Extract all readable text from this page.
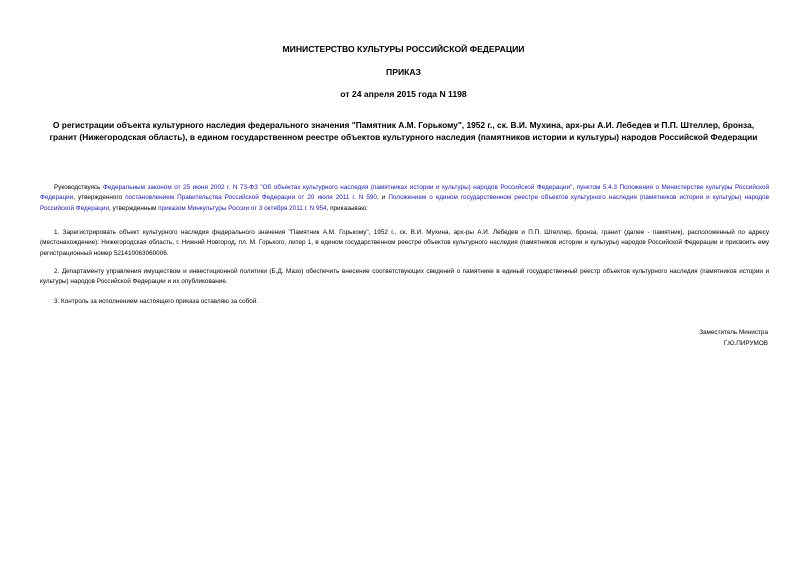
МИНИСТЕРСТВО КУЛЬТУРЫ РОССИЙСКОЙ ФЕДЕРАЦИИ
ПРИКАЗ
от 24 апреля 2015 года N 1198
О регистрации объекта культурного наследия федерального значения "Памятник А.М. Горькому", 1952 г., ск. В.И. Мухина, арх-ры А.И. Лебедев и П.П. Штеллер, бронза, гранит (Нижегородская область), в едином государственном реестре объектов культурного наследия (памятников истории и культуры) народов Российской Федерации
Руководствуясь Федеральным законом от 25 июня 2002 г. N 73-ФЗ "Об объектах культурного наследия (памятниках истории и культуры) народов Российской Федерации", пунктом 5.4.3 Положения о Министерстве культуры Российской Федерации, утвержденного постановлением Правительства Российской Федерации от 20 июля 2011 г. N 590, и Положением о едином государственном реестре объектов культурного наследия (памятников истории и культуры) народов Российской Федерации, утвержденным приказом Минкультуры России от 3 октября 2011 г. N 954, приказываю:
1. Зарегистрировать объект культурного наследия федерального значения "Памятник А.М. Горькому", 1952 г., ск. В.И. Мухина, арх-ры А.И. Лебедев и П.П. Штеллер, бронза, гранит (далее - памятник), расположенный по адресу (местонахождение): Нижегородская область, г. Нижний Новгород, пл. М. Горького, литер 1, в едином государственном реестре объектов культурного наследия (памятников истории и культуры) народов Российской Федерации и присвоить ему регистрационный номер 521410063060006.
2. Департаменту управления имуществом и инвестиционной политики (Б.Д. Мазо) обеспечить внесение соответствующих сведений о памятнике в единый государственный реестр объектов культурного наследия (памятников истории и культуры) народов Российской Федерации и их опубликование.
3. Контроль за исполнением настоящего приказа оставляю за собой.
Заместитель Министра
Г.Ю.ПИРУМОВ
